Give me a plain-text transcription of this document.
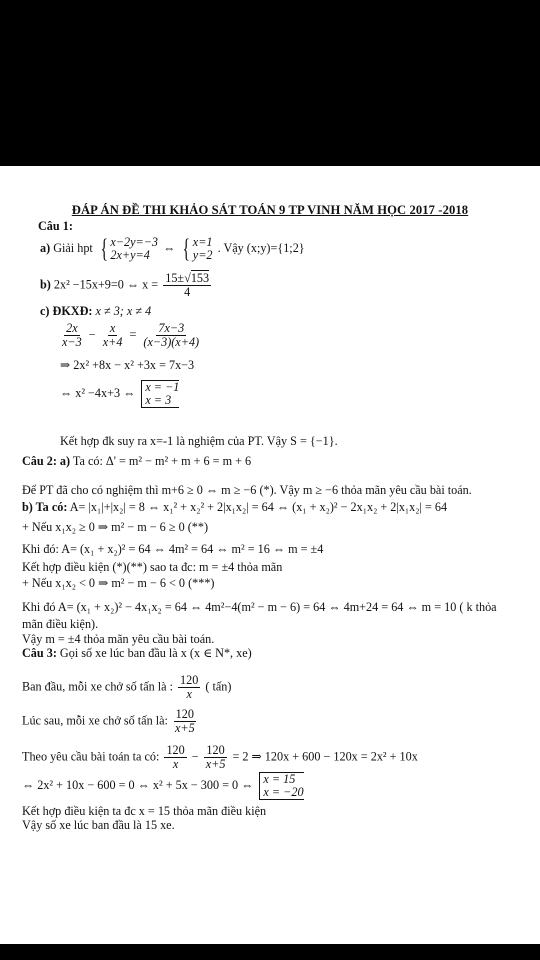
ĐÁP ÁN ĐỀ THI KHẢO SÁT TOÁN 9 TP VINH NĂM HỌC 2017 -2018
Câu 1:
a) Giải hpt { x−2y=−3
2x+y=4
⇔ { x=1
y=2
. Vậy (x;y)={1;2}
b) 2x² −15x+9=0 ⇔ $x = \frac{15\pm√153}{4}$
c) ĐKXĐ: x ≠ 3; x ≠ 4
$\frac{2x}{x-3} - \frac{x}{x+4} = \frac{7x-3}{(x-3)(x+4)}$
⇒ 2x² +8x − x² +3x = 7x−3
⇔ x² −4x+3 ⇔ x = −1
x = 3
Kết hợp đk suy ra x=-1 là nghiệm của PT. Vậy S = {−1}.
Câu 2: a) Ta có: Δ' = m² − m² + m + 6 = m + 6
Để PT đã cho có nghiệm thì m+6 ≥ 0 ⇔ m ≥ −6 (*). Vậy m ≥ −6 thỏa mãn yêu cầu bài toán.
b) Ta có: A= |x₁|+|x₂| = 8 ⇔ x₁² + x₂² + 2|x₁x₂| = 64 ⇔ (x₁ + x₂)² − 2x₁x₂ + 2|x₁x₂| = 64
+ Nếu x₁x₂ ≥ 0 ⇒ m² − m − 6 ≥ 0 (**)
Khi đó: A= (x₁ + x₂)² = 64 ⇔ 4m² = 64 ⇔ m² = 16 ⇔ m = ±4
Kết hợp điều kiện (*)(**) sao ta đc: m = ±4 thỏa mãn
+ Nếu x₁x₂ < 0 ⇒ m² − m − 6 < 0 (***)
Khi đó A= (x₁ + x₂)² − 4x₁x₂ = 64 ⇔ 4m²−4(m² − m − 6) = 64 ⇔ 4m+24 = 64 ⇔ m = 10 ( k thỏa
mãn điều kiện).
Vậy m = ±4 thỏa mãn yêu cầu bài toán.
Câu 3: Gọi số xe lúc ban đầu là x (x ∈ N*, xe)
Ban đầu, mỗi xe chở số tấn là : $\frac{120}{x}$ ( tấn)
Lúc sau, mỗi xe chở số tấn là: $\frac{120}{x+5}$
Theo yêu cầu bài toán ta có: $\frac{120}{x} - \frac{120}{x+5} = 2$ ⇒ 120x + 600 − 120x = 2x² + 10x
⇔ 2x² + 10x − 600 = 0 ⇔ x² + 5x − 300 = 0 ⇔ x = 15
x = −20
Kết hợp điều kiện ta đc x = 15 thỏa mãn điều kiện
Vậy số xe lúc ban đầu là 15 xe.
